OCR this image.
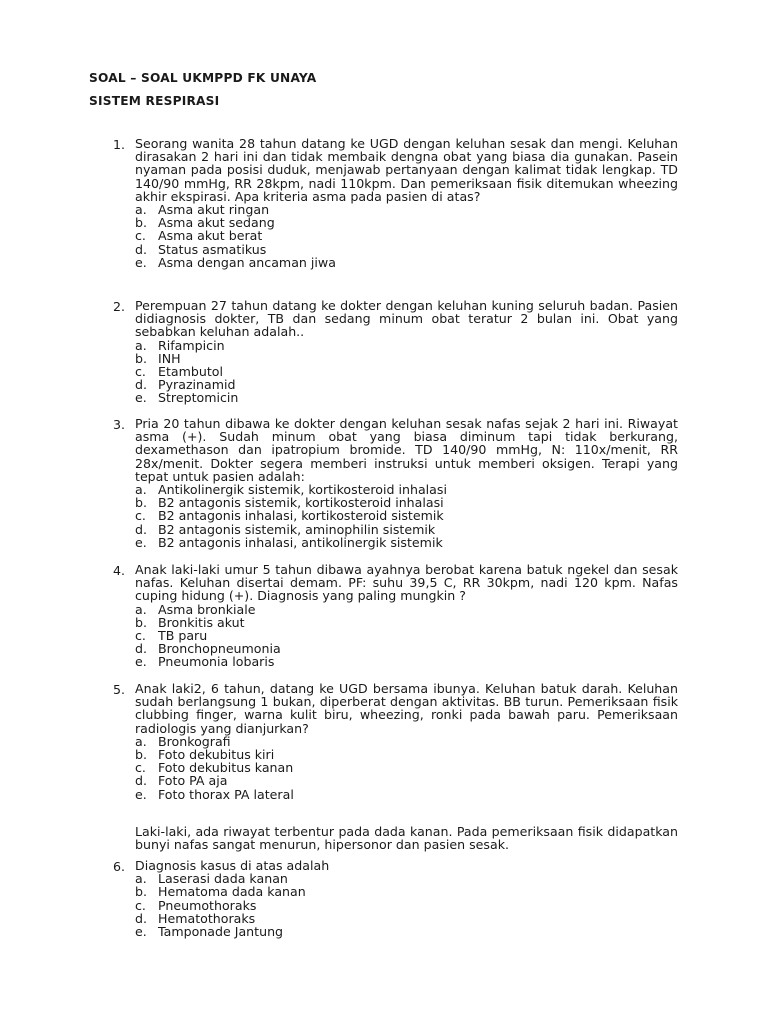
SOAL – SOAL UKMPPD FK UNAYA
SISTEM RESPIRASI
1. Seorang wanita 28 tahun datang ke UGD dengan keluhan sesak dan mengi. Keluhan dirasakan 2 hari ini dan tidak membaik dengna obat yang biasa dia gunakan. Pasein nyaman pada posisi duduk, menjawab pertanyaan dengan kalimat tidak lengkap. TD 140/90 mmHg, RR 28kpm, nadi 110kpm. Dan pemeriksaan fisik ditemukan wheezing akhir ekspirasi. Apa kriteria asma pada pasien di atas?
a. Asma akut ringan
b. Asma akut sedang
c. Asma akut berat
d. Status asmatikus
e. Asma dengan ancaman jiwa
2. Perempuan 27 tahun datang ke dokter dengan keluhan kuning seluruh badan. Pasien didiagnosis dokter, TB dan sedang minum obat teratur 2 bulan ini. Obat yang sebabkan keluhan adalah..
a. Rifampicin
b. INH
c. Etambutol
d. Pyrazinamid
e. Streptomicin
3. Pria 20 tahun dibawa ke dokter dengan keluhan sesak nafas sejak 2 hari ini. Riwayat asma (+). Sudah minum obat yang biasa diminum tapi tidak berkurang, dexamethason dan ipatropium bromide. TD 140/90 mmHg, N: 110x/menit, RR 28x/menit. Dokter segera memberi instruksi untuk memberi oksigen. Terapi yang tepat untuk pasien adalah:
a. Antikolinergik sistemik, kortikosteroid inhalasi
b. B2 antagonis sistemik, kortikosteroid inhalasi
c. B2 antagonis inhalasi, kortikosteroid sistemik
d. B2 antagonis sistemik, aminophilin sistemik
e. B2 antagonis inhalasi, antikolinergik sistemik
4. Anak laki-laki umur 5 tahun dibawa ayahnya berobat karena batuk ngekel dan sesak nafas. Keluhan disertai demam. PF: suhu 39,5 C, RR 30kpm, nadi 120 kpm. Nafas cuping hidung (+). Diagnosis yang paling mungkin ?
a. Asma bronkiale
b. Bronkitis akut
c. TB paru
d. Bronchopneumonia
e. Pneumonia lobaris
5. Anak laki2, 6 tahun, datang ke UGD bersama ibunya. Keluhan batuk darah. Keluhan sudah berlangsung 1 bukan, diperberat dengan aktivitas. BB turun. Pemeriksaan fisik clubbing finger, warna kulit biru, wheezing, ronki pada bawah paru. Pemeriksaan radiologis yang dianjurkan?
a. Bronkografi
b. Foto dekubitus kiri
c. Foto dekubitus kanan
d. Foto PA aja
e. Foto thorax PA lateral
Laki-laki, ada riwayat terbentur pada dada kanan. Pada pemeriksaan fisik didapatkan bunyi nafas sangat menurun, hipersonor dan pasien sesak.
6. Diagnosis kasus di atas adalah
a. Laserasi dada kanan
b. Hematoma dada kanan
c. Pneumothoraks
d. Hematothoraks
e. Tamponade Jantung
